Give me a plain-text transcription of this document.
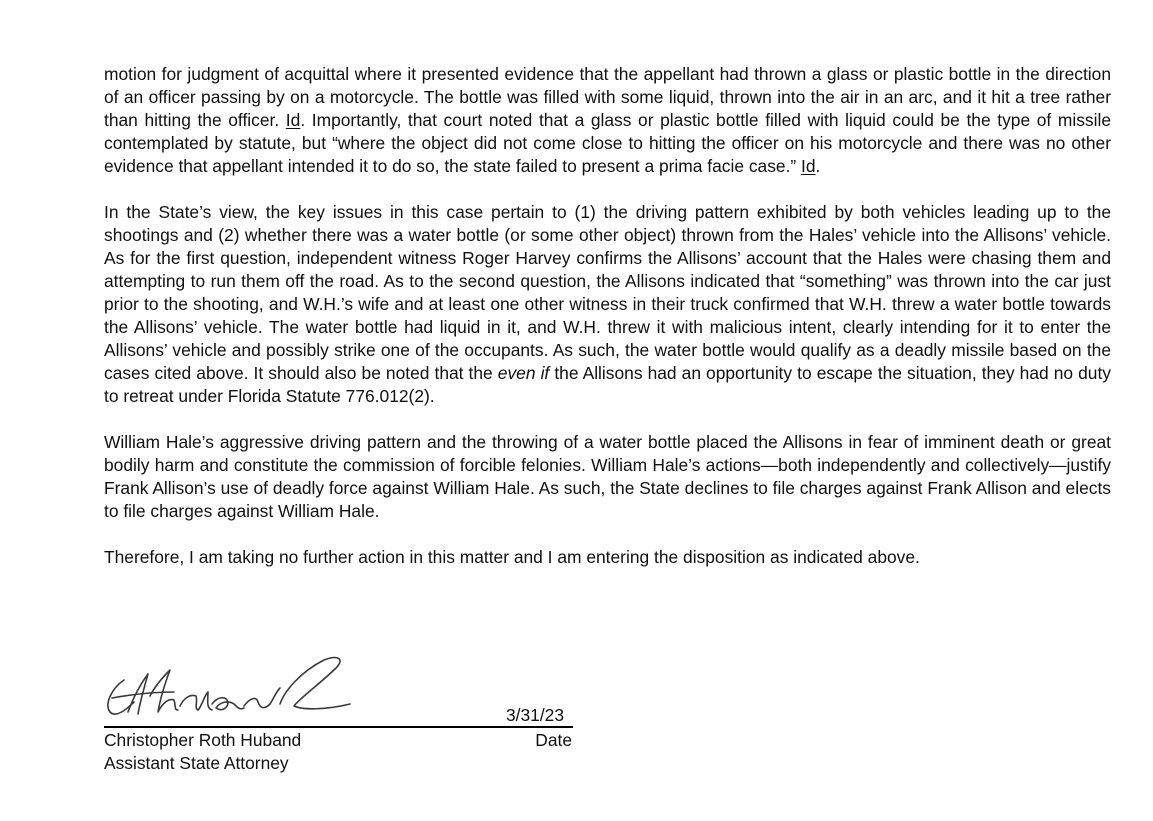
motion for judgment of acquittal where it presented evidence that the appellant had thrown a glass or plastic bottle in the direction of an officer passing by on a motorcycle. The bottle was filled with some liquid, thrown into the air in an arc, and it hit a tree rather than hitting the officer. Id. Importantly, that court noted that a glass or plastic bottle filled with liquid could be the type of missile contemplated by statute, but “where the object did not come close to hitting the officer on his motorcycle and there was no other evidence that appellant intended it to do so, the state failed to present a prima facie case.” Id.

In the State’s view, the key issues in this case pertain to (1) the driving pattern exhibited by both vehicles leading up to the shootings and (2) whether there was a water bottle (or some other object) thrown from the Hales’ vehicle into the Allisons’ vehicle. As for the first question, independent witness Roger Harvey confirms the Allisons’ account that the Hales were chasing them and attempting to run them off the road. As to the second question, the Allisons indicated that “something” was thrown into the car just prior to the shooting, and W.H.’s wife and at least one other witness in their truck confirmed that W.H. threw a water bottle towards the Allisons’ vehicle. The water bottle had liquid in it, and W.H. threw it with malicious intent, clearly intending for it to enter the Allisons’ vehicle and possibly strike one of the occupants. As such, the water bottle would qualify as a deadly missile based on the cases cited above. It should also be noted that the even if the Allisons had an opportunity to escape the situation, they had no duty to retreat under Florida Statute 776.012(2).

William Hale’s aggressive driving pattern and the throwing of a water bottle placed the Allisons in fear of imminent death or great bodily harm and constitute the commission of forcible felonies. William Hale’s actions—both independently and collectively—justify Frank Allison’s use of deadly force against William Hale. As such, the State declines to file charges against Frank Allison and elects to file charges against William Hale.

Therefore, I am taking no further action in this matter and I am entering the disposition as indicated above.

3/31/23
Christopher Roth Huband	Date
Assistant State Attorney
